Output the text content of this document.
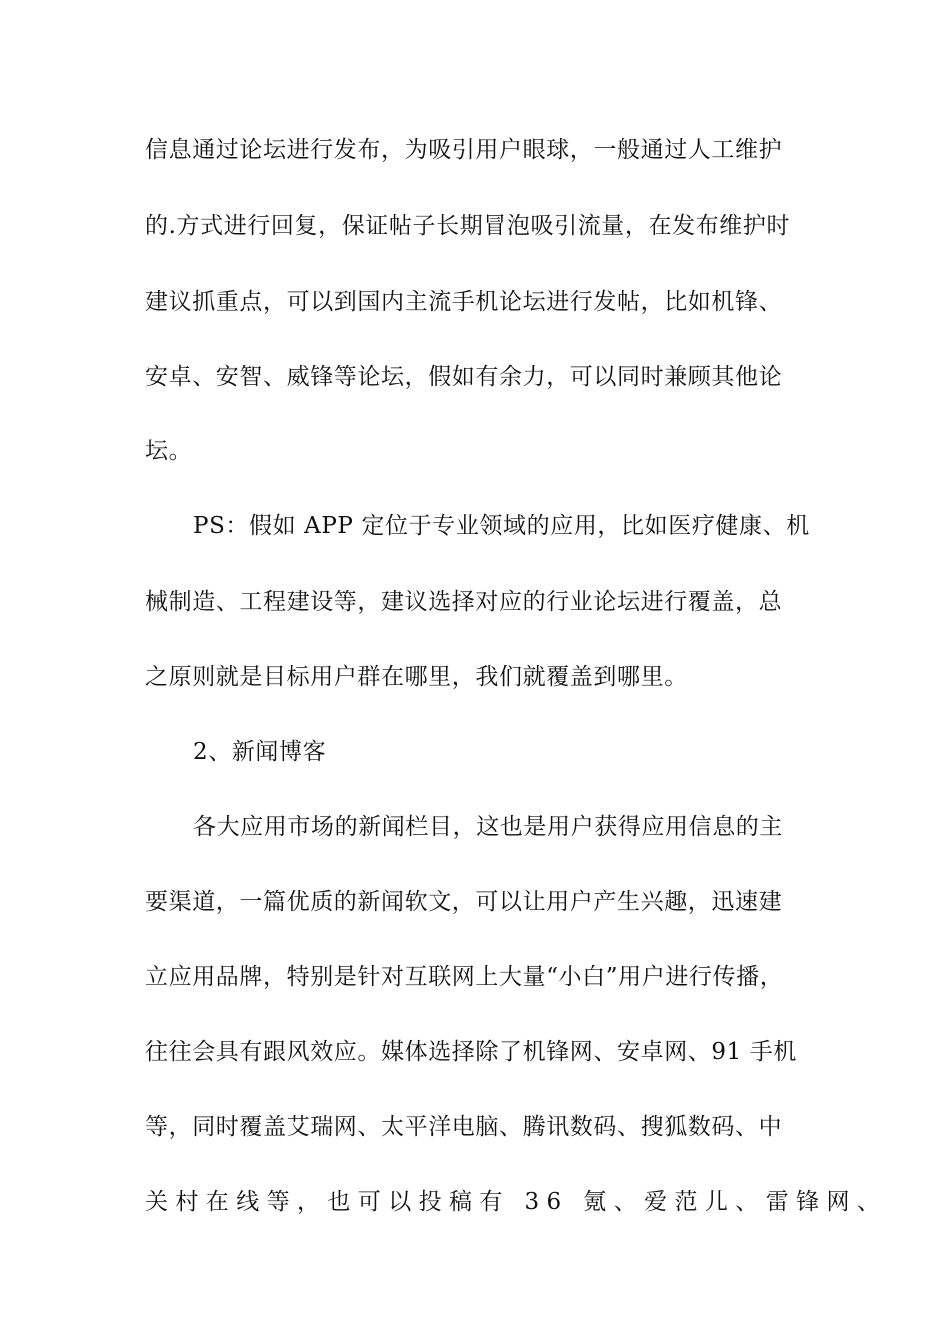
信息通过论坛进行发布，为吸引用户眼球，一般通过人工维护
的.方式进行回复，保证帖子长期冒泡吸引流量，在发布维护时
建议抓重点，可以到国内主流手机论坛进行发帖，比如机锋、
安卓、安智、威锋等论坛，假如有余力，可以同时兼顾其他论
坛。
PS：假如 APP 定位于专业领域的应用，比如医疗健康、机
械制造、工程建设等，建议选择对应的行业论坛进行覆盖，总
之原则就是目标用户群在哪里，我们就覆盖到哪里。
2、新闻博客
各大应用市场的新闻栏目，这也是用户获得应用信息的主
要渠道，一篇优质的新闻软文，可以让用户产生兴趣，迅速建
立应用品牌，特别是针对互联网上大量“小白”用户进行传播，
往往会具有跟风效应。媒体选择除了机锋网、安卓网、91 手机
等，同时覆盖艾瑞网、太平洋电脑、腾讯数码、搜狐数码、中
关村在线等，也可以投稿有 36 氪、爱范儿、雷锋网、
